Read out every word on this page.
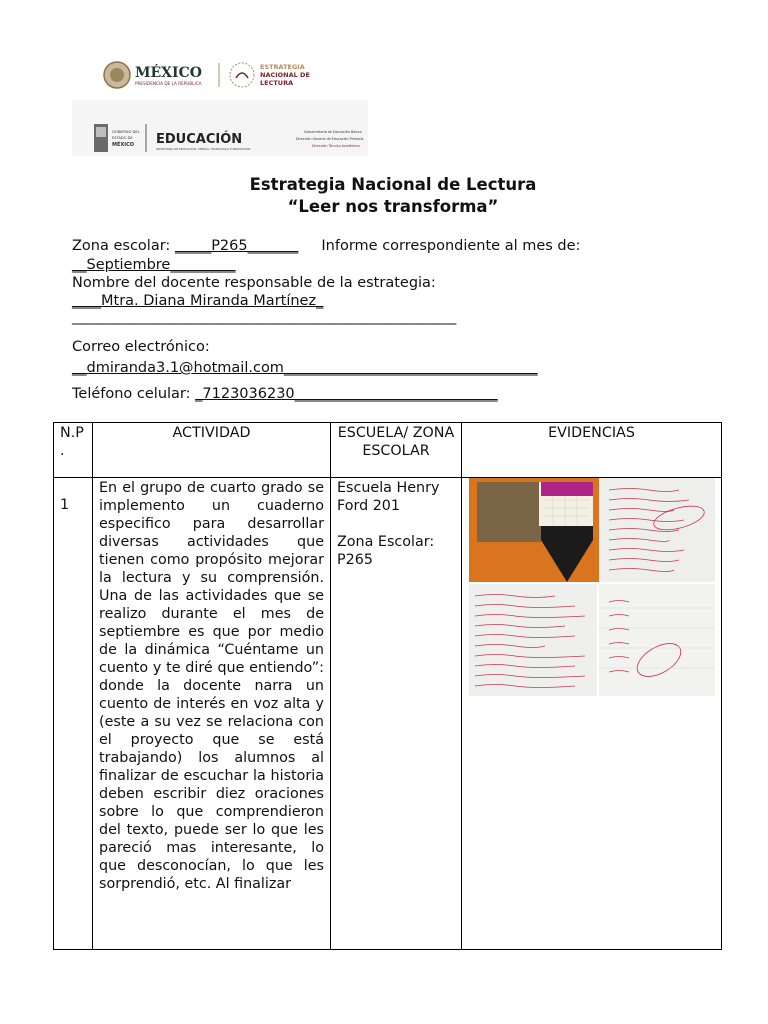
MÉXICO
PRESIDENCIA DE LA REPÚBLICA
ESTRATEGIA
NACIONAL DE
LECTURA
GOBIERNO DEL
ESTADO DE
MÉXICO EDUCACIÓN
SECRETARÍA DE EDUCACIÓN, CIENCIA, TECNOLOGÍA E INNOVACIÓN
Subsecretaría de Educación Básica
Dirección General de Educación Primaria
Dirección Técnica Académica
Estrategia Nacional de Lectura
“Leer nos transforma”
Zona escolar: _____P265_______ Informe correspondiente al mes de:
__Septiembre_________
Nombre del docente responsable de la estrategia:
____Mtra. Diana Miranda Martínez_
_____________________________________________________
Correo electrónico:
__dmiranda3.1@hotmail.com___________________________________
Teléfono celular: _7123036230____________________________
N.P .	ACTIVIDAD	ESCUELA/ ZONA ESCOLAR	EVIDENCIAS
1	En el grupo de cuarto grado se implemento un cuaderno especifico para desarrollar diversas actividades que tienen como propósito mejorar la lectura y su comprensión. Una de las actividades que se realizo durante el mes de septiembre es que por medio de la dinámica “Cuéntame un cuento y te diré que entiendo”: donde la docente narra un cuento de interés en voz alta y (este a su vez se relaciona con el proyecto que se está trabajando) los alumnos al finalizar de escuchar la historia deben escribir diez oraciones sobre lo que comprendieron del texto, puede ser lo que les pareció mas interesante, lo que desconocían, lo que les sorprendió, etc. Al finalizar	Escuela Henry Ford 201
Zona Escolar: P265
